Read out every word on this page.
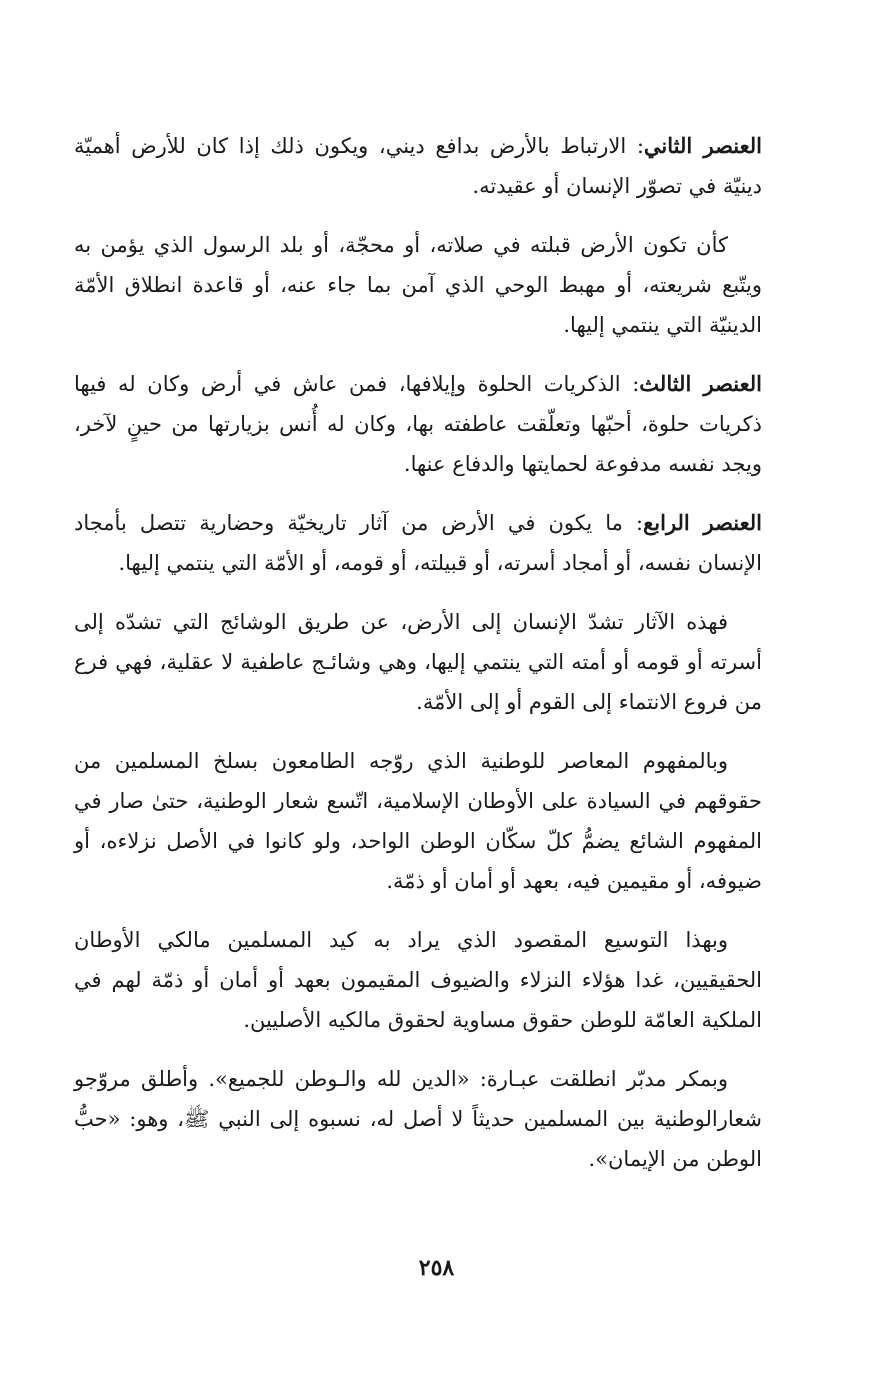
العنصر الثاني: الارتباط بالأرض بدافع ديني، ويكون ذلك إذا كان للأرض أهميّة دينيّة في تصوّر الإنسان أو عقيدته.

كأن تكون الأرض قبلته في صلاته، أو محجّة، أو بلد الرسول الذي يؤمن به ويتّبع شريعته، أو مهبط الوحي الذي آمن بما جاء عنه، أو قاعدة انطلاق الأمّة الدينيّة التي ينتمي إليها.

العنصر الثالث: الذكريات الحلوة وإيلافها، فمن عاش في أرض وكان له فيها ذكريات حلوة، أحبّها وتعلّقت عاطفته بها، وكان له أُنس بزيارتها من حينٍ لآخر، ويجد نفسه مدفوعة لحمايتها والدفاع عنها.

العنصر الرابع: ما يكون في الأرض من آثار تاريخيّة وحضارية تتصل بأمجاد الإنسان نفسه، أو أمجاد أسرته، أو قبيلته، أو قومه، أو الأمّة التي ينتمي إليها.

فهذه الآثار تشدّ الإنسان إلى الأرض، عن طريق الوشائج التي تشدّه إلى أسرته أو قومه أو أمته التي ينتمي إليها، وهي وشائـج عاطفية لا عقلية، فهي فرع من فروع الانتماء إلى القوم أو إلى الأمّة.

وبالمفهوم المعاصر للوطنية الذي روّجه الطامعون بسلخ المسلمين من حقوقهم في السيادة على الأوطان الإسلامية، اتّسع شعار الوطنية، حتىٰ صار في المفهوم الشائع يضمُّ كلّ سكّان الوطن الواحد، ولو كانوا في الأصل نزلاءه، أو ضيوفه، أو مقيمين فيه، بعهد أو أمان أو ذمّة.

وبهذا التوسيع المقصود الذي يراد به كيد المسلمين مالكي الأوطان الحقيقيين، غدا هؤلاء النزلاء والضيوف المقيمون بعهد أو أمان أو ذمّة لهم في الملكية العامّة للوطن حقوق مساوية لحقوق مالكيه الأصليين.

وبمكر مدبّر انطلقت عبـارة: «الدين لله والـوطن للجميع». وأطلق مروّجو شعارالوطنية بين المسلمين حديثاً لا أصل له، نسبوه إلى النبي ﷺ، وهو: «حبُّ الوطن من الإيمان».

٢٥٨
